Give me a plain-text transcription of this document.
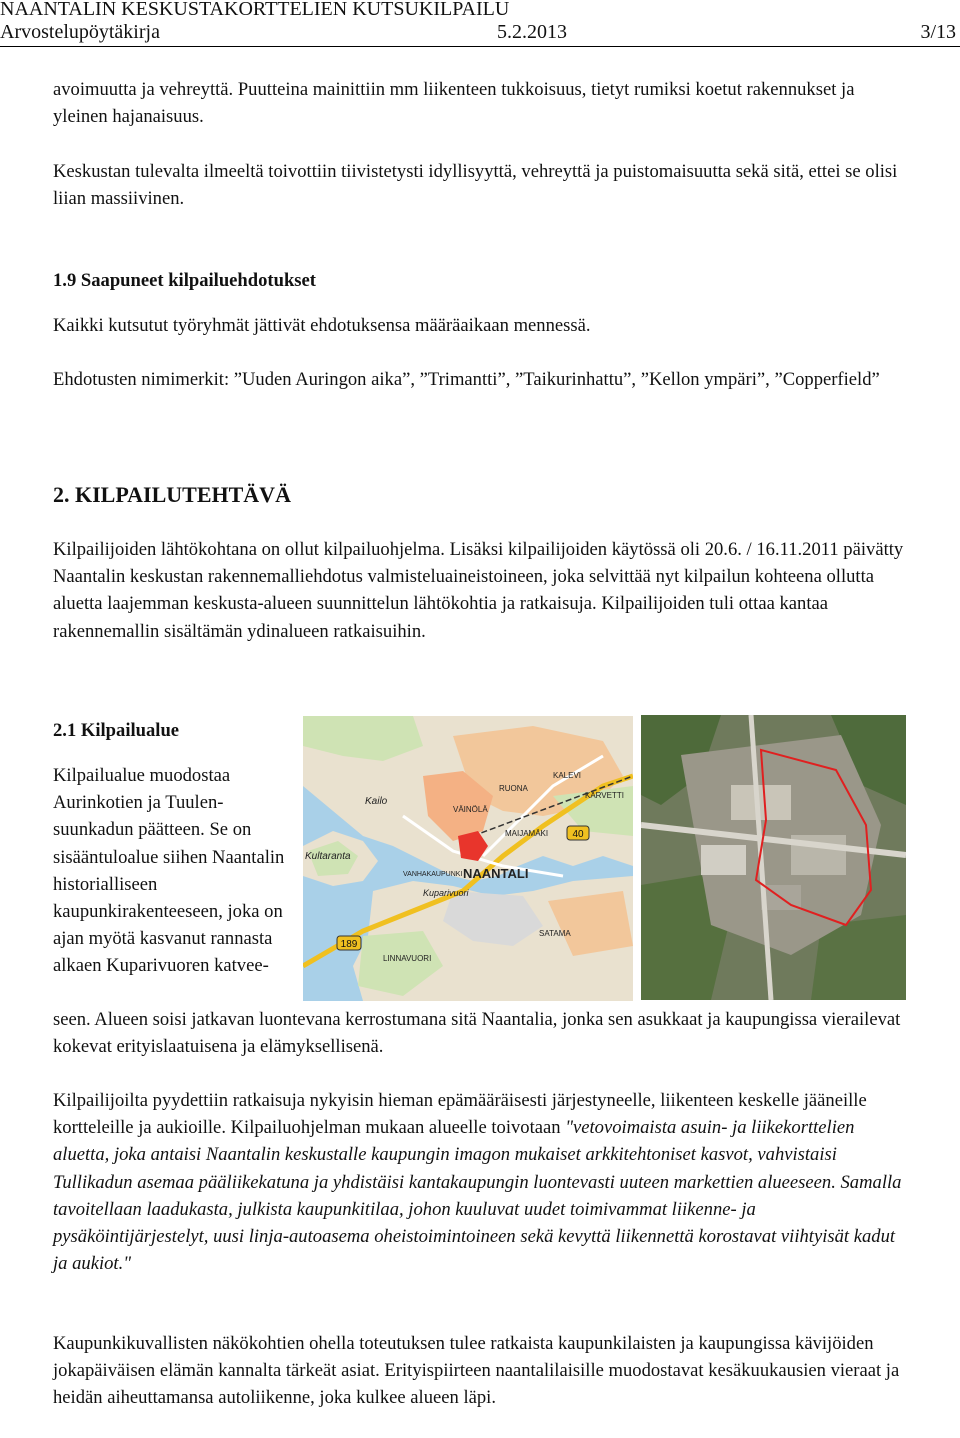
NAANTALIN KESKUSTAKORTTELIEN KUTSUKILPAILU
Arvostelupöytäkirja	5.2.2013	3/13

avoimuutta ja vehreyttä. Puutteina mainittiin mm liikenteen tukkoisuus, tietyt rumiksi koetut rakennukset ja yleinen hajanaisuus.

Keskustan tulevalta ilmeeltä toivottiin tiivistetysti idyllisyyttä, vehreyttä ja puistomaisuutta sekä sitä, ettei se olisi liian massiivinen.

1.9 Saapuneet kilpailuehdotukset

Kaikki kutsutut työryhmät jättivät ehdotuksensa määräaikaan mennessä.

Ehdotusten nimimerkit: ”Uuden Auringon aika”, ”Trimantti”, ”Taikurinhattu”, ”Kellon ympäri”, ”Copperfield”

2. KILPAILUTEHTÄVÄ

Kilpailijoiden lähtökohtana on ollut kilpailuohjelma. Lisäksi kilpailijoiden käytössä oli 20.6. / 16.11.2011 päivätty Naantalin keskustan rakennemalliehdotus valmisteluaineistoineen, joka selvittää nyt kilpailun kohteena ollutta aluetta laajemman keskusta-alueen suunnittelun lähtökohtia ja ratkaisuja. Kilpailijoiden tuli ottaa kantaa rakennemallin sisältämän ydinalueen ratkaisuihin.

2.1 Kilpailualue

Kilpailualue muodostaa Aurinkotien ja Tuulensuunkadun päätteen. Se on sisääntuloalue siihen Naantalin historialliseen kaupunkirakenteeseen, joka on ajan myötä kasvanut rannasta alkaen Kuparivuoren katvee-

seen. Alueen soisi jatkavan luontevana kerrostumana sitä Naantalia, jonka sen asukkaat ja kaupungissa vierailevat kokevat erityislaatuisena ja elämyksellisenä.

Kilpailijoilta pyydettiin ratkaisuja nykyisin hieman epämääräisesti järjestyneelle, liikenteen keskelle jääneille kortteleille ja aukioille. Kilpailuohjelman mukaan alueelle toivotaan "vetovoimaista asuin- ja liikekorttelien aluetta, joka antaisi Naantalin keskustalle kaupungin imagon mukaiset arkkitehtoniset kasvot, vahvistaisi Tullikadun asemaa pääliikekatuna ja yhdistäisi kantakaupungin luontevasti uuteen markettien alueeseen. Samalla tavoitellaan laadukasta, julkista kaupunkitilaa, johon kuuluvat uudet toimivammat liikenne- ja pysäköintijärjestelyt, uusi linja-autoasema oheistoimintoineen sekä kevyttä liikennettä korostavat viihtyisät kadut ja aukiot."

Kaupunkikuvallisten näkökohtien ohella toteutuksen tulee ratkaista kaupunkilaisten ja kaupungissa kävijöiden jokapäiväisen elämän kannalta tärkeät asiat. Erityispiirteen naantalilaisille muodostavat kesäkuukausien vieraat ja heidän aiheuttamansa autoliikenne, joka kulkee alueen läpi.

189
40
Kailo
RUONA
KALEVI
KARVETTI
VÄINÖLÄ
MAIJAMÄKI
Kultaranta
VANHAKAUPUNKI NAANTALI
Kuparivuori
SATAMA
LINNAVUORI
